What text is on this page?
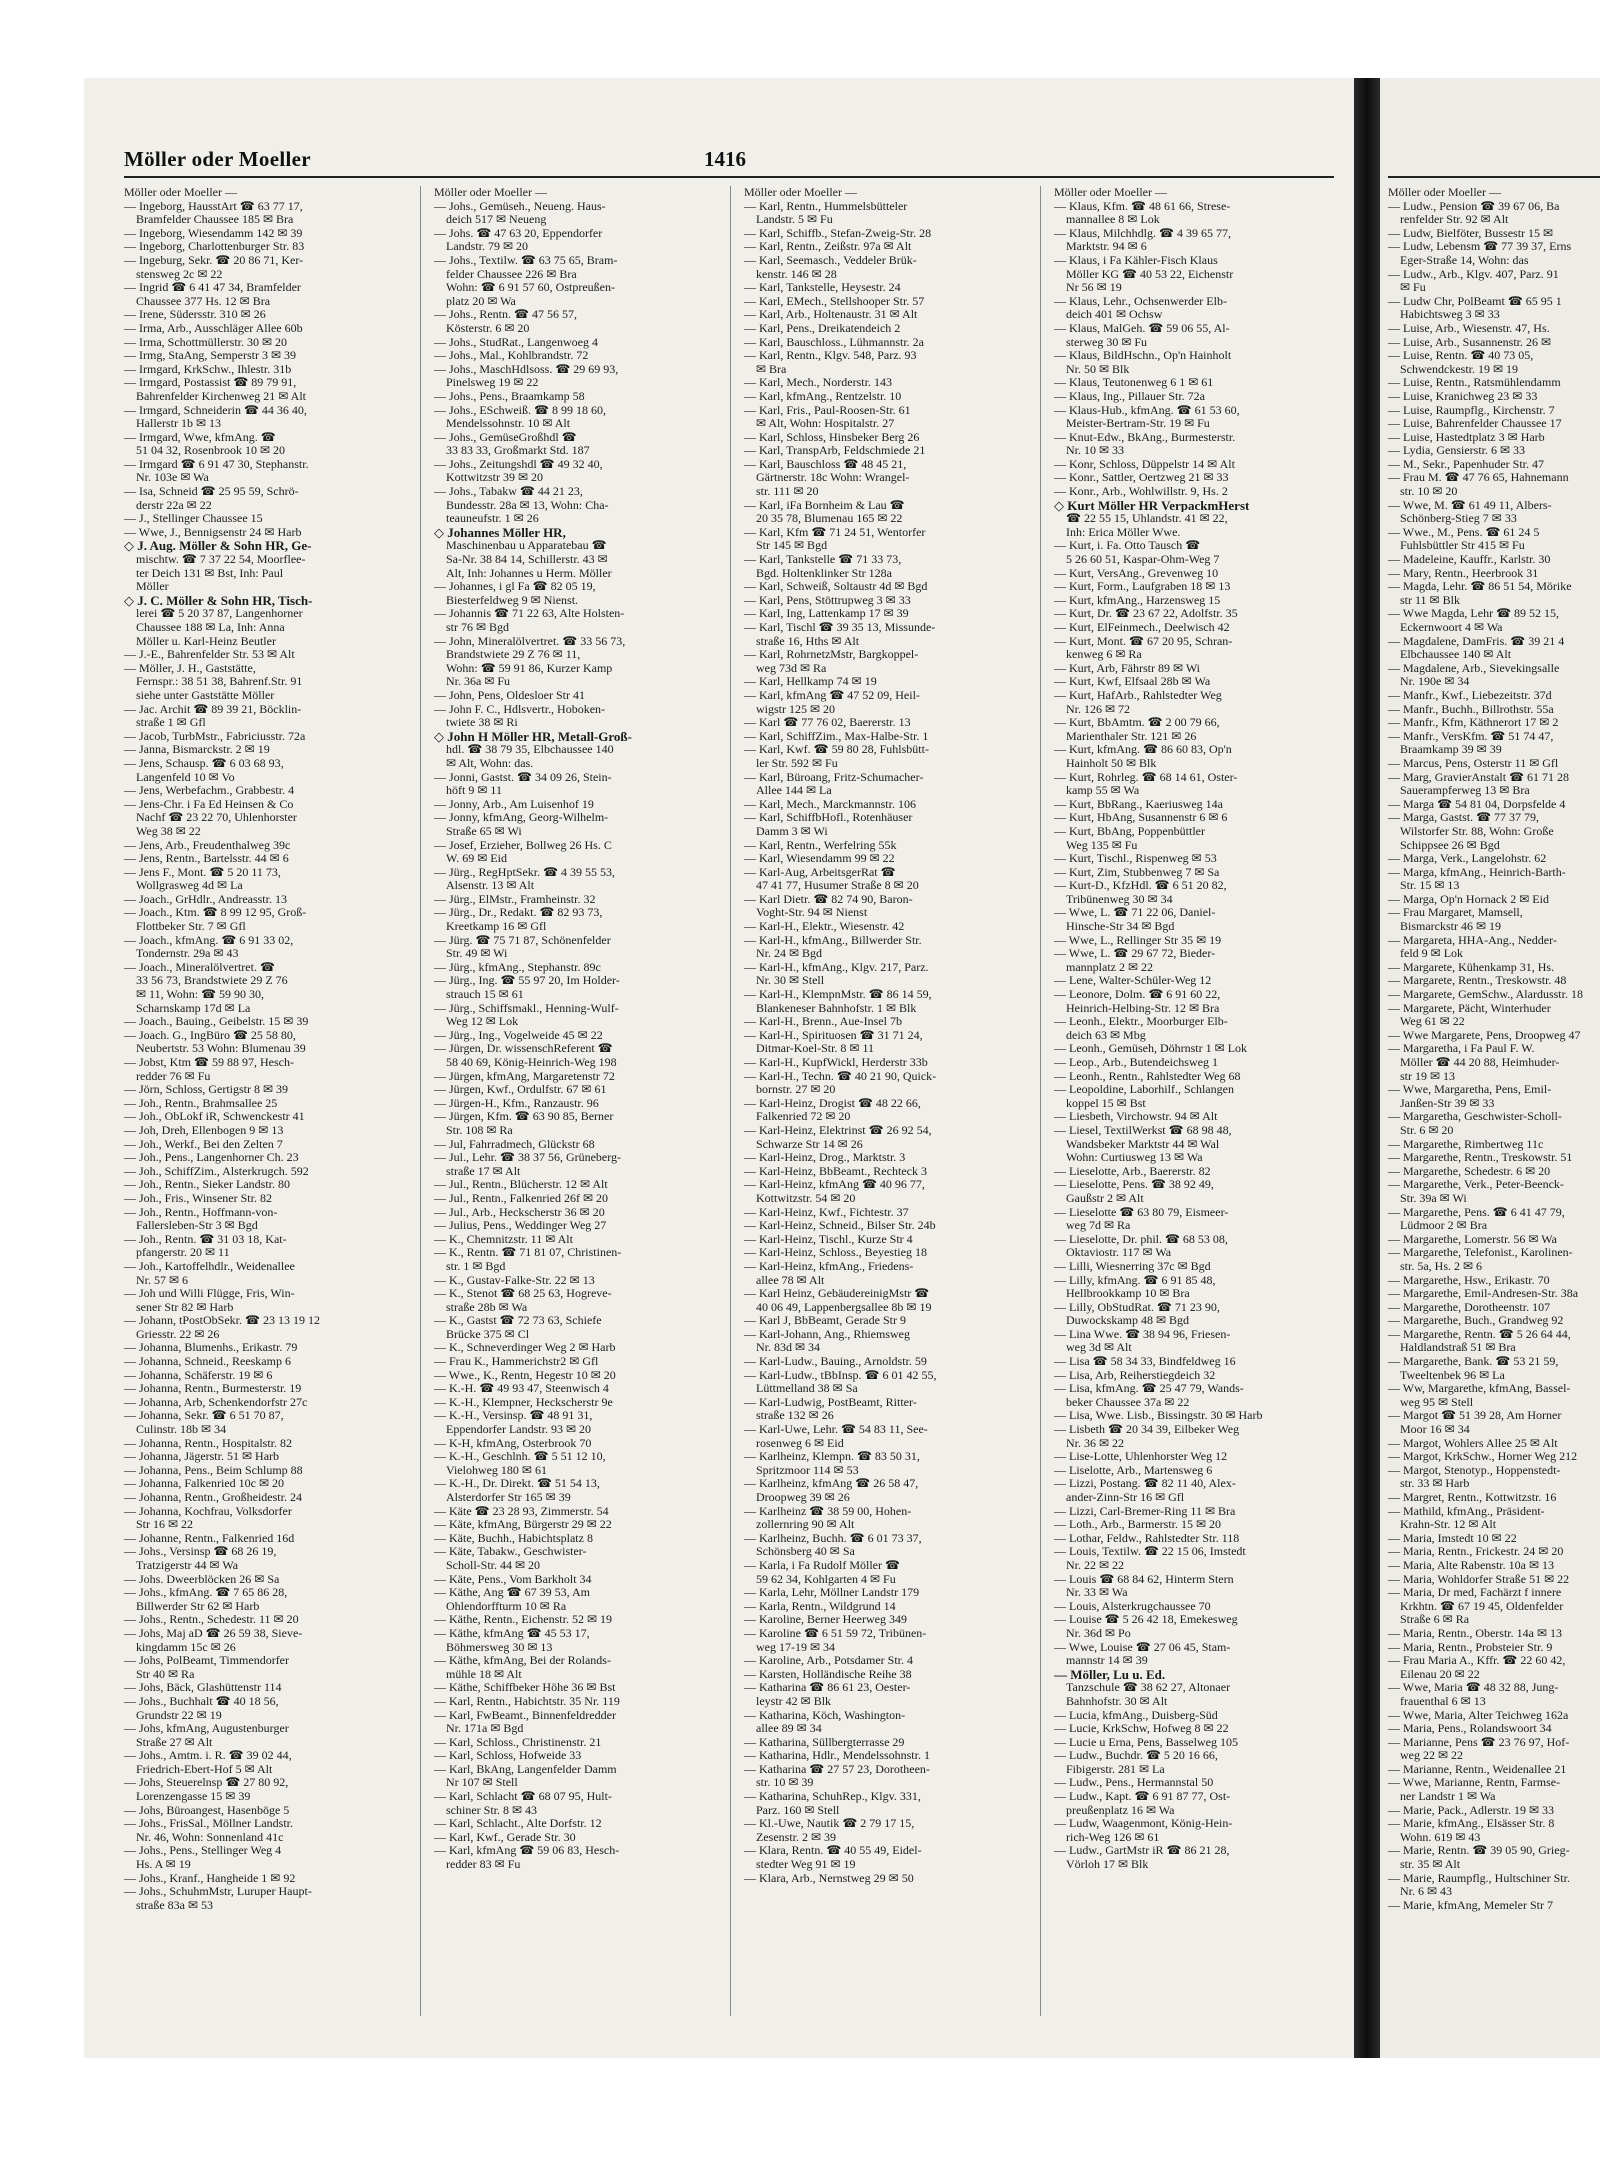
Möller oder Moeller	1416
Möller oder Moeller —
— Ingeborg, HausstArt ☎ 63 77 17,
Bramfelder Chaussee 185 ✉ Bra
— Ingeborg, Wiesendamm 142 ✉ 39
— Ingeborg, Charlottenburger Str. 83
— Ingeburg, Sekr. ☎ 20 86 71, Ker-
stensweg 2c ✉ 22
— Ingrid ☎ 6 41 47 34, Bramfelder
Chaussee 377 Hs. 12 ✉ Bra
— Irene, Südersstr. 310 ✉ 26
— Irma, Arb., Ausschläger Allee 60b
— Irma, Schottmüllerstr. 30 ✉ 20
— Irmg, StaAng, Semperstr 3 ✉ 39
— Irmgard, KrkSchw., Ihlestr. 31b
— Irmgard, Postassist ☎ 89 79 91,
Bahrenfelder Kirchenweg 21 ✉ Alt
— Irmgard, Schneiderin ☎ 44 36 40,
Hallerstr 1b ✉ 13
— Irmgard, Wwe, kfmAng. ☎
51 04 32, Rosenbrook 10 ✉ 20
— Irmgard ☎ 6 91 47 30, Stephanstr.
Nr. 103e ✉ Wa
— Isa, Schneid ☎ 25 95 59, Schrö-
derstr 22a ✉ 22
— J., Stellinger Chaussee 15
— Wwe, J., Bennigsenstr 24 ✉ Harb
◇ J. Aug. Möller & Sohn HR, Ge-
mischtw. ☎ 7 37 22 54, Moorflee-
ter Deich 131 ✉ Bst, Inh: Paul
Möller
◇ J. C. Möller & Sohn HR, Tisch-
lerei ☎ 5 20 37 87, Langenhorner
Chaussee 188 ✉ La, Inh: Anna
Möller u. Karl-Heinz Beutler
— J.-E., Bahrenfelder Str. 53 ✉ Alt
— Möller, J. H., Gaststätte,
Fernspr.: 38 51 38, Bahrenf.Str. 91
siehe unter Gaststätte Möller
— Jac. Archit ☎ 89 39 21, Böcklin-
straße 1 ✉ Gfl
— Jacob, TurbMstr., Fabriciusstr. 72a
— Janna, Bismarckstr. 2 ✉ 19
— Jens, Schausp. ☎ 6 03 68 93,
Langenfeld 10 ✉ Vo
— Jens, Werbefachm., Grabbestr. 4
— Jens-Chr. i Fa Ed Heinsen & Co
Nachf ☎ 23 22 70, Uhlenhorster
Weg 38 ✉ 22
— Jens, Arb., Freudenthalweg 39c
— Jens, Rentn., Bartelsstr. 44 ✉ 6
— Jens F., Mont. ☎ 5 20 11 73,
Wollgrasweg 4d ✉ La
— Joach., GrHdlr., Andreasstr. 13
— Joach., Ktm. ☎ 8 99 12 95, Groß-
Flottbeker Str. 7 ✉ Gfl
— Joach., kfmAng. ☎ 6 91 33 02,
Tondernstr. 29a ✉ 43
— Joach., Mineralölvertret. ☎
33 56 73, Brandstwiete 29 Z 76
✉ 11, Wohn: ☎ 59 90 30,
Scharnskamp 17d ✉ La
— Joach., Bauing., Geibelstr. 15 ✉ 39
— Joach. G., IngBüro ☎ 25 58 80,
Neubertstr. 53 Wohn: Blumenau 39
— Jobst, Ktm ☎ 59 88 97, Hesch-
redder 76 ✉ Fu
— Jörn, Schloss, Gertigstr 8 ✉ 39
— Joh., Rentn., Brahmsallee 25
— Joh., ObLokf iR, Schwenckestr 41
— Joh, Dreh, Ellenbogen 9 ✉ 13
— Joh., Werkf., Bei den Zelten 7
— Joh., Pens., Langenhorner Ch. 23
— Joh., SchiffZim., Alsterkrugch. 592
— Joh., Rentn., Sieker Landstr. 80
— Joh., Fris., Winsener Str. 82
— Joh., Rentn., Hoffmann-von-
Fallersleben-Str 3 ✉ Bgd
— Joh., Rentn. ☎ 31 03 18, Kat-
pfangerstr. 20 ✉ 11
— Joh., Kartoffelhdlr., Weidenallee
Nr. 57 ✉ 6
— Joh und Willi Flügge, Fris, Win-
sener Str 82 ✉ Harb
— Johann, tPostObSekr. ☎ 23 13 19 12
Griesstr. 22 ✉ 26
— Johanna, Blumenhs., Erikastr. 79
— Johanna, Schneid., Reeskamp 6
— Johanna, Schäferstr. 19 ✉ 6
— Johanna, Rentn., Burmesterstr. 19
— Johanna, Arb, Schenkendorfstr 27c
— Johanna, Sekr. ☎ 6 51 70 87,
Culinstr. 18b ✉ 34
— Johanna, Rentn., Hospitalstr. 82
— Johanna, Jägerstr. 51 ✉ Harb
— Johanna, Pens., Beim Schlump 88
— Johanna, Falkenried 10c ✉ 20
— Johanna, Rentn., Großheidestr. 24
— Johanna, Kochfrau, Volksdorfer
Str 16 ✉ 22
— Johanne, Rentn., Falkenried 16d
— Johs., Versinsp ☎ 68 26 19,
Tratzigerstr 44 ✉ Wa
— Johs. Dweerblöcken 26 ✉ Sa
— Johs., kfmAng. ☎ 7 65 86 28,
Billwerder Str 62 ✉ Harb
— Johs., Rentn., Schedestr. 11 ✉ 20
— Johs, Maj aD ☎ 26 59 38, Sieve-
kingdamm 15c ✉ 26
— Johs, PolBeamt, Timmendorfer
Str 40 ✉ Ra
— Johs, Bäck, Glashüttenstr 114
— Johs., Buchhalt ☎ 40 18 56,
Grundstr 22 ✉ 19
— Johs, kfmAng, Augustenburger
Straße 27 ✉ Alt
— Johs., Amtm. i. R. ☎ 39 02 44,
Friedrich-Ebert-Hof 5 ✉ Alt
— Johs, Steuerelnsp ☎ 27 80 92,
Lorenzengasse 15 ✉ 39
— Johs, Büroangest, Hasenböge 5
— Johs., FrisSal., Möllner Landstr.
Nr. 46, Wohn: Sonnenland 41c
— Johs., Pens., Stellinger Weg 4
Hs. A ✉ 19
— Johs., Kranf., Hangheide 1 ✉ 92
— Johs., SchuhmMstr, Luruper Haupt-
straße 83a ✉ 53
Möller oder Moeller —
— Johs., Gemüseh., Neueng. Haus-
deich 517 ✉ Neueng
— Johs. ☎ 47 63 20, Eppendorfer
Landstr. 79 ✉ 20
— Johs., Textilw. ☎ 63 75 65, Bram-
felder Chaussee 226 ✉ Bra
Wohn: ☎ 6 91 57 60, Ostpreußen-
platz 20 ✉ Wa
— Johs., Rentn. ☎ 47 56 57,
Kösterstr. 6 ✉ 20
— Johs., StudRat., Langenwoeg 4
— Johs., Mal., Kohlbrandstr. 72
— Johs., MaschHdlsoss. ☎ 29 69 93,
Pinelsweg 19 ✉ 22
— Johs., Pens., Braamkamp 58
— Johs., ESchweiß. ☎ 8 99 18 60,
Mendelssohnstr. 10 ✉ Alt
— Johs., GemüseGroßhdl ☎
33 83 33, Großmarkt Std. 187
— Johs., Zeitungshdl ☎ 49 32 40,
Kottwitzstr 39 ✉ 20
— Johs., Tabakw ☎ 44 21 23,
Bundesstr. 28a ✉ 13, Wohn: Cha-
teauneufstr. 1 ✉ 26
◇ Johannes Möller HR,
Maschinenbau u Apparatebau ☎
Sa-Nr. 38 84 14, Schillerstr. 43 ✉
Alt, Inh: Johannes u Herm. Möller
— Johannes, i gl Fa ☎ 82 05 19,
Biesterfeldweg 9 ✉ Nienst.
— Johannis ☎ 71 22 63, Alte Holsten-
str 76 ✉ Bgd
— John, Mineralölvertret. ☎ 33 56 73,
Brandstwiete 29 Z 76 ✉ 11,
Wohn: ☎ 59 91 86, Kurzer Kamp
Nr. 36a ✉ Fu
— John, Pens, Oldesloer Str 41
— John F. C., Hdlsvertr., Hoboken-
twiete 38 ✉ Ri
◇ John H Möller HR, Metall-Groß-
hdl. ☎ 38 79 35, Elbchaussee 140
✉ Alt, Wohn: das.
— Jonni, Gastst. ☎ 34 09 26, Stein-
höft 9 ✉ 11
— Jonny, Arb., Am Luisenhof 19
— Jonny, kfmAng, Georg-Wilhelm-
Straße 65 ✉ Wi
— Josef, Erzieher, Bollweg 26 Hs. C
W. 69 ✉ Eid
— Jürg., RegHptSekr. ☎ 4 39 55 53,
Alsenstr. 13 ✉ Alt
— Jürg., ElMstr., Framheinstr. 32
— Jürg., Dr., Redakt. ☎ 82 93 73,
Kreetkamp 16 ✉ Gfl
— Jürg. ☎ 75 71 87, Schönenfelder
Str. 49 ✉ Wi
— Jürg., kfmAng., Stephanstr. 89c
— Jürg., Ing. ☎ 55 97 20, Im Holder-
strauch 15 ✉ 61
— Jürg., Schiffsmakl., Henning-Wulf-
Weg 12 ✉ Lok
— Jürg., Ing., Vogelweide 45 ✉ 22
— Jürgen, Dr. wissenschReferent ☎
58 40 69, König-Heinrich-Weg 198
— Jürgen, kfmAng, Margaretenstr 72
— Jürgen, Kwf., Ordulfstr. 67 ✉ 61
— Jürgen-H., Kfm., Ranzaustr. 96
— Jürgen, Kfm. ☎ 63 90 85, Berner
Str. 108 ✉ Ra
— Jul, Fahrradmech, Glückstr 68
— Jul., Lehr. ☎ 38 37 56, Grüneberg-
straße 17 ✉ Alt
— Jul., Rentn., Blücherstr. 12 ✉ Alt
— Jul., Rentn., Falkenried 26f ✉ 20
— Jul., Arb., Heckscherstr 36 ✉ 20
— Julius, Pens., Weddinger Weg 27
— K., Chemnitzstr. 11 ✉ Alt
— K., Rentn. ☎ 71 81 07, Christinen-
str. 1 ✉ Bgd
— K., Gustav-Falke-Str. 22 ✉ 13
— K., Stenot ☎ 68 25 63, Hogreve-
straße 28b ✉ Wa
— K., Gastst ☎ 72 73 63, Schiefe
Brücke 375 ✉ Cl
— K., Schneverdinger Weg 2 ✉ Harb
— Frau K., Hammerichstr2 ✉ Gfl
— Wwe., K., Rentn, Hegestr 10 ✉ 20
— K.-H. ☎ 49 93 47, Steenwisch 4
— K.-H., Klempner, Heckscherstr 9e
— K.-H., Versinsp. ☎ 48 91 31,
Eppendorfer Landstr. 93 ✉ 20
— K-H, kfmAng, Osterbrook 70
— K.-H., Geschlnh. ☎ 5 51 12 10,
Vielohweg 180 ✉ 61
— K.-H., Dr. Direkt. ☎ 51 54 13,
Alsterdorfer Str 165 ✉ 39
— Käte ☎ 23 28 93, Zimmerstr. 54
— Käte, kfmAng, Bürgerstr 29 ✉ 22
— Käte, Buchh., Habichtsplatz 8
— Käte, Tabakw., Geschwister-
Scholl-Str. 44 ✉ 20
— Käte, Pens., Vom Barkholt 34
— Käthe, Ang ☎ 67 39 53, Am
Ohlendorffturm 10 ✉ Ra
— Käthe, Rentn., Eichenstr. 52 ✉ 19
— Käthe, kfmAng ☎ 45 53 17,
Böhmersweg 30 ✉ 13
— Käthe, kfmAng, Bei der Rolands-
mühle 18 ✉ Alt
— Käthe, Schiffbeker Höhe 36 ✉ Bst
— Karl, Rentn., Habichtstr. 35 Nr. 119
— Karl, FwBeamt., Binnenfeldredder
Nr. 171a ✉ Bgd
— Karl, Schloss., Christinenstr. 21
— Karl, Schloss, Hofweide 33
— Karl, BkAng, Langenfelder Damm
Nr 107 ✉ Stell
— Karl, Schlacht ☎ 68 07 95, Hult-
schiner Str. 8 ✉ 43
— Karl, Schlacht., Alte Dorfstr. 12
— Karl, Kwf., Gerade Str. 30
— Karl, kfmAng ☎ 59 06 83, Hesch-
redder 83 ✉ Fu
Möller oder Moeller —
— Karl, Rentn., Hummelsbütteler
Landstr. 5 ✉ Fu
— Karl, Schiffb., Stefan-Zweig-Str. 28
— Karl, Rentn., Zeißstr. 97a ✉ Alt
— Karl, Seemasch., Veddeler Brük-
kenstr. 146 ✉ 28
— Karl, Tankstelle, Heysestr. 24
— Karl, EMech., Stellshooper Str. 57
— Karl, Arb., Holtenaustr. 31 ✉ Alt
— Karl, Pens., Dreikatendeich 2
— Karl, Bauschloss., Lühmannstr. 2a
— Karl, Rentn., Klgv. 548, Parz. 93
✉ Bra
— Karl, Mech., Norderstr. 143
— Karl, kfmAng., Rentzelstr. 10
— Karl, Fris., Paul-Roosen-Str. 61
✉ Alt, Wohn: Hospitalstr. 27
— Karl, Schloss, Hinsbeker Berg 26
— Karl, TranspArb, Feldschmiede 21
— Karl, Bauschloss ☎ 48 45 21,
Gärtnerstr. 18c Wohn: Wrangel-
str. 111 ✉ 20
— Karl, iFa Bornheim & Lau ☎
20 35 78, Blumenau 165 ✉ 22
— Karl, Kfm ☎ 71 24 51, Wentorfer
Str 145 ✉ Bgd
— Karl, Tankstelle ☎ 71 33 73,
Bgd. Holtenklinker Str 128a
— Karl, Schweiß, Soltaustr 4d ✉ Bgd
— Karl, Pens, Stöttrupweg 3 ✉ 33
— Karl, Ing, Lattenkamp 17 ✉ 39
— Karl, Tischl ☎ 39 35 13, Missunde-
straße 16, Hths ✉ Alt
— Karl, RohrnetzMstr, Bargkoppel-
weg 73d ✉ Ra
— Karl, Hellkamp 74 ✉ 19
— Karl, kfmAng ☎ 47 52 09, Heil-
wigstr 125 ✉ 20
— Karl ☎ 77 76 02, Baererstr. 13
— Karl, SchiffZim., Max-Halbe-Str. 1
— Karl, Kwf. ☎ 59 80 28, Fuhlsbütt-
ler Str. 592 ✉ Fu
— Karl, Büroang, Fritz-Schumacher-
Allee 144 ✉ La
— Karl, Mech., Marckmannstr. 106
— Karl, SchiffbHofl., Rotenhäuser
Damm 3 ✉ Wi
— Karl, Rentn., Werfelring 55k
— Karl, Wiesendamm 99 ✉ 22
— Karl-Aug, ArbeitsgerRat ☎
47 41 77, Husumer Straße 8 ✉ 20
— Karl Dietr. ☎ 82 74 90, Baron-
Voght-Str. 94 ✉ Nienst
— Karl-H., Elektr., Wiesenstr. 42
— Karl-H., kfmAng., Billwerder Str.
Nr. 24 ✉ Bgd
— Karl-H., kfmAng., Klgv. 217, Parz.
Nr. 30 ✉ Stell
— Karl-H., KlempnMstr. ☎ 86 14 59,
Blankeneser Bahnhofstr. 1 ✉ Blk
— Karl-H., Brenn., Aue-Insel 7b
— Karl-H., Spirituosen ☎ 31 71 24,
Ditmar-Koel-Str. 8 ✉ 11
— Karl-H., KupfWickl, Herderstr 33b
— Karl-H., Techn. ☎ 40 21 90, Quick-
bornstr. 27 ✉ 20
— Karl-Heinz, Drogist ☎ 48 22 66,
Falkenried 72 ✉ 20
— Karl-Heinz, Elektrinst ☎ 26 92 54,
Schwarze Str 14 ✉ 26
— Karl-Heinz, Drog., Marktstr. 3
— Karl-Heinz, BbBeamt., Rechteck 3
— Karl-Heinz, kfmAng ☎ 40 96 77,
Kottwitzstr. 54 ✉ 20
— Karl-Heinz, Kwf., Fichtestr. 37
— Karl-Heinz, Schneid., Bilser Str. 24b
— Karl-Heinz, Tischl., Kurze Str 4
— Karl-Heinz, Schloss., Beyestieg 18
— Karl-Heinz, kfmAng., Friedens-
allee 78 ✉ Alt
— Karl Heinz, GebäudereinigMstr ☎
40 06 49, Lappenbergsallee 8b ✉ 19
— Karl J, BbBeamt, Gerade Str 9
— Karl-Johann, Ang., Rhiemsweg
Nr. 83d ✉ 34
— Karl-Ludw., Bauing., Arnoldstr. 59
— Karl-Ludw., tBbInsp. ☎ 6 01 42 55,
Lüttmelland 38 ✉ Sa
— Karl-Ludwig, PostBeamt, Ritter-
straße 132 ✉ 26
— Karl-Uwe, Lehr. ☎ 54 83 11, See-
rosenweg 6 ✉ Eid
— Karlheinz, Klempn. ☎ 83 50 31,
Spritzmoor 114 ✉ 53
— Karlheinz, kfmAng ☎ 26 58 47,
Droopweg 39 ✉ 26
— Karlheinz ☎ 38 59 00, Hohen-
zollernring 90 ✉ Alt
— Karlheinz, Buchh. ☎ 6 01 73 37,
Schönsberg 40 ✉ Sa
— Karla, i Fa Rudolf Möller ☎
59 62 34, Kohlgarten 4 ✉ Fu
— Karla, Lehr, Möllner Landstr 179
— Karla, Rentn., Wildgrund 14
— Karoline, Berner Heerweg 349
— Karoline ☎ 6 51 59 72, Tribünen-
weg 17-19 ✉ 34
— Karoline, Arb., Potsdamer Str. 4
— Karsten, Holländische Reihe 38
— Katharina ☎ 86 61 23, Oester-
leystr 42 ✉ Blk
— Katharina, Köch, Washington-
allee 89 ✉ 34
— Katharina, Süllbergterrasse 29
— Katharina, Hdlr., Mendelssohnstr. 1
— Katharina ☎ 27 57 23, Dorotheen-
str. 10 ✉ 39
— Katharina, SchuhRep., Klgv. 331,
Parz. 160 ✉ Stell
— Kl.-Uwe, Nautik ☎ 2 79 17 15,
Zesenstr. 2 ✉ 39
— Klara, Rentn. ☎ 40 55 49, Eidel-
stedter Weg 91 ✉ 19
— Klara, Arb., Nernstweg 29 ✉ 50
Möller oder Moeller —
— Klaus, Kfm. ☎ 48 61 66, Strese-
mannallee 8 ✉ Lok
— Klaus, Milchhdlg. ☎ 4 39 65 77,
Marktstr. 94 ✉ 6
— Klaus, i Fa Kähler-Fisch Klaus
Möller KG ☎ 40 53 22, Eichenstr
Nr 56 ✉ 19
— Klaus, Lehr., Ochsenwerder Elb-
deich 401 ✉ Ochsw
— Klaus, MalGeh. ☎ 59 06 55, Al-
sterweg 30 ✉ Fu
— Klaus, BildHschn., Op'n Hainholt
Nr. 50 ✉ Blk
— Klaus, Teutonenweg 6 1 ✉ 61
— Klaus, Ing., Pillauer Str. 72a
— Klaus-Hub., kfmAng. ☎ 61 53 60,
Meister-Bertram-Str. 19 ✉ Fu
— Knut-Edw., BkAng., Burmesterstr.
Nr. 10 ✉ 33
— Konr, Schloss, Düppelstr 14 ✉ Alt
— Konr., Sattler, Oertzweg 21 ✉ 33
— Konr., Arb., Wohlwillstr. 9, Hs. 2
◇ Kurt Möller HR VerpackmHerst
☎ 22 55 15, Uhlandstr. 41 ✉ 22,
Inh: Erica Möller Wwe.
— Kurt, i. Fa. Otto Tausch ☎
5 26 60 51, Kaspar-Ohm-Weg 7
— Kurt, VersAng., Grevenweg 10
— Kurt, Form., Laufgraben 18 ✉ 13
— Kurt, kfmAng., Harzensweg 15
— Kurt, Dr. ☎ 23 67 22, Adolfstr. 35
— Kurt, ElFeinmech., Deelwisch 42
— Kurt, Mont. ☎ 67 20 95, Schran-
kenweg 6 ✉ Ra
— Kurt, Arb, Fährstr 89 ✉ Wi
— Kurt, Kwf, Elfsaal 28b ✉ Wa
— Kurt, HafArb., Rahlstedter Weg
Nr. 126 ✉ 72
— Kurt, BbAmtm. ☎ 2 00 79 66,
Marienthaler Str. 121 ✉ 26
— Kurt, kfmAng. ☎ 86 60 83, Op'n
Hainholt 50 ✉ Blk
— Kurt, Rohrleg. ☎ 68 14 61, Oster-
kamp 55 ✉ Wa
— Kurt, BbRang., Kaeriusweg 14a
— Kurt, HbAng, Susannenstr 6 ✉ 6
— Kurt, BbAng, Poppenbüttler
Weg 135 ✉ Fu
— Kurt, Tischl., Rispenweg ✉ 53
— Kurt, Zim, Stubbenweg 7 ✉ Sa
— Kurt-D., KfzHdl. ☎ 6 51 20 82,
Tribünenweg 30 ✉ 34
— Wwe, L. ☎ 71 22 06, Daniel-
Hinsche-Str 34 ✉ Bgd
— Wwe, L., Rellinger Str 35 ✉ 19
— Wwe, L. ☎ 29 67 72, Bieder-
mannplatz 2 ✉ 22
— Lene, Walter-Schüler-Weg 12
— Leonore, Dolm. ☎ 6 91 60 22,
Heinrich-Helbing-Str. 12 ✉ Bra
— Leonh., Elektr., Moorburger Elb-
deich 63 ✉ Mbg
— Leonh., Gemüseh, Döhrnstr 1 ✉ Lok
— Leop., Arb., Butendeichsweg 1
— Leonh., Rentn., Rahlstedter Weg 68
— Leopoldine, Laborhilf., Schlangen
koppel 15 ✉ Bst
— Liesbeth, Virchowstr. 94 ✉ Alt
— Liesel, TextilWerkst ☎ 68 98 48,
Wandsbeker Marktstr 44 ✉ Wal
Wohn: Curtiusweg 13 ✉ Wa
— Lieselotte, Arb., Baererstr. 82
— Lieselotte, Pens. ☎ 38 92 49,
Gaußstr 2 ✉ Alt
— Lieselotte ☎ 63 80 79, Eismeer-
weg 7d ✉ Ra
— Lieselotte, Dr. phil. ☎ 68 53 08,
Oktaviostr. 117 ✉ Wa
— Lilli, Wiesnerring 37c ✉ Bgd
— Lilly, kfmAng. ☎ 6 91 85 48,
Hellbrookkamp 10 ✉ Bra
— Lilly, ObStudRat. ☎ 71 23 90,
Duwockskamp 48 ✉ Bgd
— Lina Wwe. ☎ 38 94 96, Friesen-
weg 3d ✉ Alt
— Lisa ☎ 58 34 33, Bindfeldweg 16
— Lisa, Arb, Reiherstiegdeich 32
— Lisa, kfmAng. ☎ 25 47 79, Wands-
beker Chaussee 37a ✉ 22
— Lisa, Wwe. Lisb., Bissingstr. 30 ✉ Harb
— Lisbeth ☎ 20 34 39, Eilbeker Weg
Nr. 36 ✉ 22
— Lise-Lotte, Uhlenhorster Weg 12
— Liselotte, Arb., Martensweg 6
— Lizzi, Postang. ☎ 82 11 40, Alex-
ander-Zinn-Str 16 ✉ Gfl
— Lizzi, Carl-Bremer-Ring 11 ✉ Bra
— Loth., Arb., Barmerstr. 15 ✉ 20
— Lothar, Feldw., Rahlstedter Str. 118
— Louis, Textilw. ☎ 22 15 06, Imstedt
Nr. 22 ✉ 22
— Louis ☎ 68 84 62, Hinterm Stern
Nr. 33 ✉ Wa
— Louis, Alsterkrugchaussee 70
— Louise ☎ 5 26 42 18, Emekesweg
Nr. 36d ✉ Po
— Wwe, Louise ☎ 27 06 45, Stam-
mannstr 14 ✉ 39
— Möller, Lu u. Ed.
Tanzschule ☎ 38 62 27, Altonaer
Bahnhofstr. 30 ✉ Alt
— Lucia, kfmAng., Duisberg-Süd
— Lucie, KrkSchw, Hofweg 8 ✉ 22
— Lucie u Erna, Pens, Basselweg 105
— Ludw., Buchdr. ☎ 5 20 16 66,
Fibigerstr. 281 ✉ La
— Ludw., Pens., Hermannstal 50
— Ludw., Kapt. ☎ 6 91 87 77, Ost-
preußenplatz 16 ✉ Wa
— Ludw, Waagenmont, König-Hein-
rich-Weg 126 ✉ 61
— Ludw., GartMstr iR ☎ 86 21 28,
Vörloh 17 ✉ Blk
Möller oder Moeller —
— Ludw., Pension ☎ 39 67 06, Ba
renfelder Str. 92 ✉ Alt
— Ludw, Bielföter, Bussestr 15 ✉
— Ludw, Lebensm ☎ 77 39 37, Erns
Eger-Straße 14, Wohn: das
— Ludw., Arb., Klgv. 407, Parz. 91
✉ Fu
— Ludw Chr, PolBeamt ☎ 65 95 1
Habichtsweg 3 ✉ 33
— Luise, Arb., Wiesenstr. 47, Hs.
— Luise, Arb., Susannenstr. 26 ✉
— Luise, Rentn. ☎ 40 73 05,
Schwendckestr. 19 ✉ 19
— Luise, Rentn., Ratsmühlendamm
— Luise, Kranichweg 23 ✉ 33
— Luise, Raumpflg., Kirchenstr. 7
— Luise, Bahrenfelder Chaussee 17
— Luise, Hastedtplatz 3 ✉ Harb
— Lydia, Gensierstr. 6 ✉ 33
— M., Sekr., Papenhuder Str. 47
— Frau M. ☎ 47 76 65, Hahnemann
str. 10 ✉ 20
— Wwe, M. ☎ 61 49 11, Albers-
Schönberg-Stieg 7 ✉ 33
— Wwe., M., Pens. ☎ 61 24 5
Fuhlsbüttler Str 415 ✉ Fu
— Madeleine, Kauffr., Karlstr. 30
— Mary, Rentn., Heerbrook 31
— Magda, Lehr. ☎ 86 51 54, Mörike
str 11 ✉ Blk
— Wwe Magda, Lehr ☎ 89 52 15,
Eckernwoort 4 ✉ Wa
— Magdalene, DamFris. ☎ 39 21 4
Elbchaussee 140 ✉ Alt
— Magdalene, Arb., Sievekingsalle
Nr. 190e ✉ 34
— Manfr., Kwf., Liebezeitstr. 37d
— Manfr., Buchh., Billrothstr. 55a
— Manfr., Kfm, Käthnerort 17 ✉ 2
— Manfr., VersKfm. ☎ 51 74 47,
Braamkamp 39 ✉ 39
— Marcus, Pens, Osterstr 11 ✉ Gfl
— Marg, GravierAnstalt ☎ 61 71 28
Sauerampferweg 13 ✉ Bra
— Marga ☎ 54 81 04, Dorpsfelde 4
— Marga, Gastst. ☎ 77 37 79,
Wilstorfer Str. 88, Wohn: Große
Schippsee 26 ✉ Bgd
— Marga, Verk., Langelohstr. 62
— Marga, kfmAng., Heinrich-Barth-
Str. 15 ✉ 13
— Marga, Op'n Hornack 2 ✉ Eid
— Frau Margaret, Mamsell,
Bismarckstr 46 ✉ 19
— Margareta, HHA-Ang., Nedder-
feld 9 ✉ Lok
— Margarete, Kühenkamp 31, Hs.
— Margarete, Rentn., Treskowstr. 48
— Margarete, GemSchw., Alardusstr. 18
— Margarete, Pächt, Winterhuder
Weg 61 ✉ 22
— Wwe Margarete, Pens, Droopweg 47
— Margaretha, i Fa Paul F. W.
Möller ☎ 44 20 88, Heimhuder-
str 19 ✉ 13
— Wwe, Margaretha, Pens, Emil-
Janßen-Str 39 ✉ 33
— Margaretha, Geschwister-Scholl-
Str. 6 ✉ 20
— Margarethe, Rimbertweg 11c
— Margarethe, Rentn., Treskowstr. 51
— Margarethe, Schedestr. 6 ✉ 20
— Margarethe, Verk., Peter-Beenck-
Str. 39a ✉ Wi
— Margarethe, Pens. ☎ 6 41 47 79,
Lüdmoor 2 ✉ Bra
— Margarethe, Lomerstr. 56 ✉ Wa
— Margarethe, Telefonist., Karolinen-
str. 5a, Hs. 2 ✉ 6
— Margarethe, Hsw., Erikastr. 70
— Margarethe, Emil-Andresen-Str. 38a
— Margarethe, Dorotheenstr. 107
— Margarethe, Buch., Grandweg 92
— Margarethe, Rentn. ☎ 5 26 64 44,
Haldlandstraß 51 ✉ Bra
— Margarethe, Bank. ☎ 53 21 59,
Tweeltenbek 96 ✉ La
— Ww, Margarethe, kfmAng, Bassel-
weg 95 ✉ Stell
— Margot ☎ 51 39 28, Am Horner
Moor 16 ✉ 34
— Margot, Wohlers Allee 25 ✉ Alt
— Margot, KrkSchw., Horner Weg 212
— Margot, Stenotyp., Hoppenstedt-
str. 33 ✉ Harb
— Margret, Rentn., Kottwitzstr. 16
— Mathild, kfmAng., Präsident-
Krahn-Str. 12 ✉ Alt
— Maria, Imstedt 10 ✉ 22
— Maria, Rentn., Frickestr. 24 ✉ 20
— Maria, Alte Rabenstr. 10a ✉ 13
— Maria, Wohldorfer Straße 51 ✉ 22
— Maria, Dr med, Fachärzt f innere
Krkhtn. ☎ 67 19 45, Oldenfelder
Straße 6 ✉ Ra
— Maria, Rentn., Oberstr. 14a ✉ 13
— Maria, Rentn., Probsteier Str. 9
— Frau Maria A., Kffr. ☎ 22 60 42,
Eilenau 20 ✉ 22
— Wwe, Maria ☎ 48 32 88, Jung-
frauenthal 6 ✉ 13
— Wwe, Maria, Alter Teichweg 162a
— Maria, Pens., Rolandswoort 34
— Marianne, Pens ☎ 23 76 97, Hof-
weg 22 ✉ 22
— Marianne, Rentn., Weidenallee 21
— Wwe, Marianne, Rentn, Farmse-
ner Landstr 1 ✉ Wa
— Marie, Pack., Adlerstr. 19 ✉ 33
— Marie, kfmAng., Elsässer Str. 8
Wohn. 619 ✉ 43
— Marie, Rentn. ☎ 39 05 90, Grieg-
str. 35 ✉ Alt
— Marie, Raumpflg., Hultschiner Str.
Nr. 6 ✉ 43
— Marie, kfmAng, Memeler Str 7
